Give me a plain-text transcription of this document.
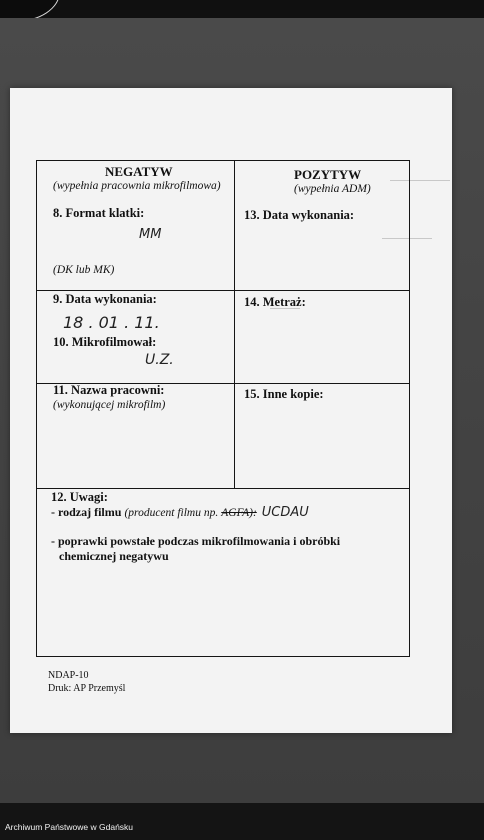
NEGATYW
(wypełnia pracownia mikrofilmowa)
POZYTYW
(wypełnia ADM)
8. Format klatki:
MM
(DK lub MK)
13. Data wykonania:
9. Data wykonania:
18 . 01 . 11.
10. Mikrofilmował:
U.Z.
14. Metraż:
11. Nazwa pracowni:
(wykonującej mikrofilm)
15. Inne kopie:
12. Uwagi:
- rodzaj filmu (producent filmu np. AGFA): UCDAU
- poprawki powstałe podczas mikrofilmowania i obróbki
chemicznej negatywu
NDAP-10
Druk: AP Przemyśl
Archiwum Państwowe w Gdańsku
